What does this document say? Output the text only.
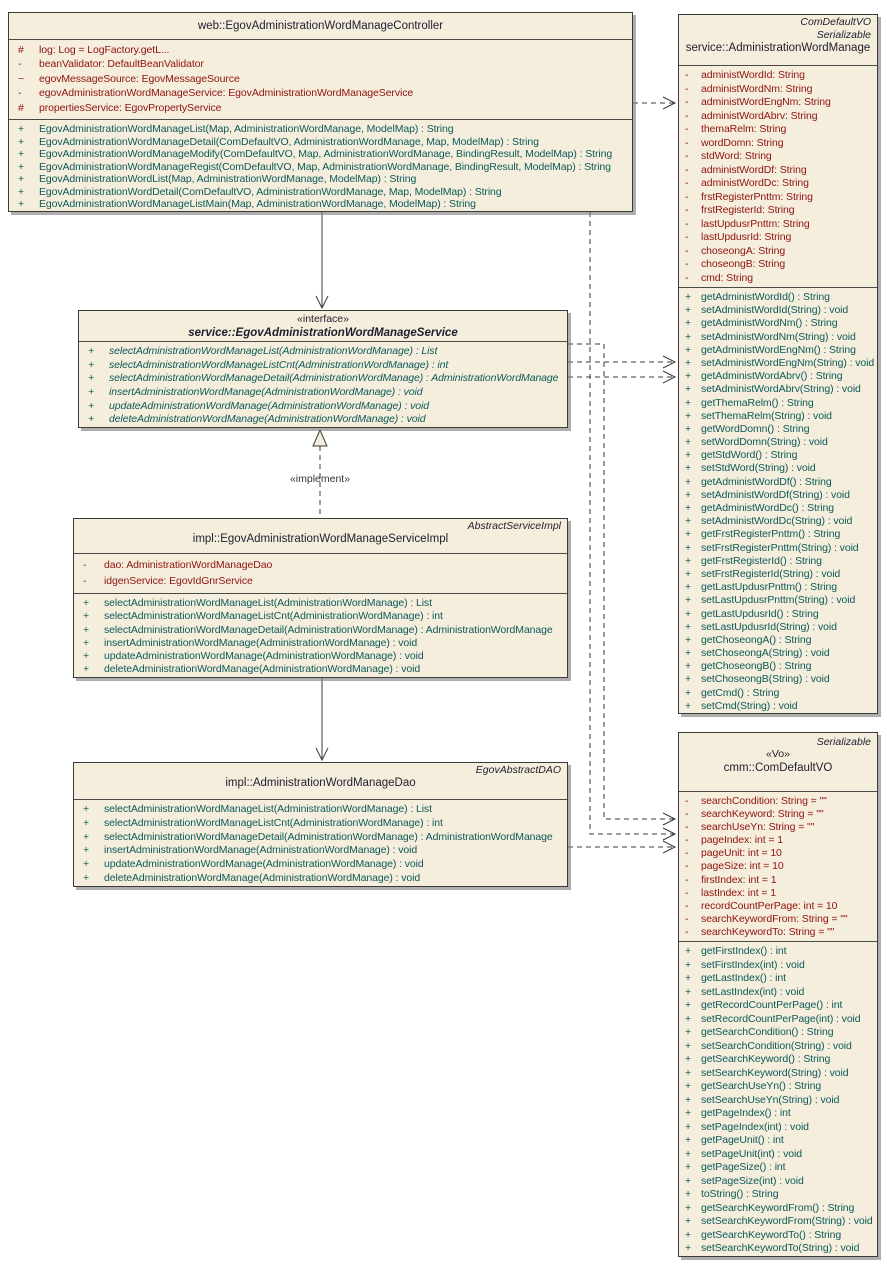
«implement»
web::EgovAdministrationWordManageController
# log: Log = LogFactory.getL...
- beanValidator: DefaultBeanValidator
~ egovMessageSource: EgovMessageSource
- egovAdministrationWordManageService: EgovAdministrationWordManageService
# propertiesService: EgovPropertyService
+ EgovAdministrationWordManageList(Map, AdministrationWordManage, ModelMap) : String
+ EgovAdministrationWordManageDetail(ComDefaultVO, AdministrationWordManage, Map, ModelMap) : String
+ EgovAdministrationWordManageModify(ComDefaultVO, Map, AdministrationWordManage, BindingResult, ModelMap) : String
+ EgovAdministrationWordManageRegist(ComDefaultVO, Map, AdministrationWordManage, BindingResult, ModelMap) : String
+ EgovAdministrationWordList(Map, AdministrationWordManage, ModelMap) : String
+ EgovAdministrationWordDetail(ComDefaultVO, AdministrationWordManage, Map, ModelMap) : String
+ EgovAdministrationWordManageListMain(Map, AdministrationWordManage, ModelMap) : String
«interface»
service::EgovAdministrationWordManageService
+ selectAdministrationWordManageList(AdministrationWordManage) : List
+ selectAdministrationWordManageListCnt(AdministrationWordManage) : int
+ selectAdministrationWordManageDetail(AdministrationWordManage) : AdministrationWordManage
+ insertAdministrationWordManage(AdministrationWordManage) : void
+ updateAdministrationWordManage(AdministrationWordManage) : void
+ deleteAdministrationWordManage(AdministrationWordManage) : void
AbstractServiceImpl
impl::EgovAdministrationWordManageServiceImpl
- dao: AdministrationWordManageDao
- idgenService: EgovIdGnrService
+ selectAdministrationWordManageList(AdministrationWordManage) : List
+ selectAdministrationWordManageListCnt(AdministrationWordManage) : int
+ selectAdministrationWordManageDetail(AdministrationWordManage) : AdministrationWordManage
+ insertAdministrationWordManage(AdministrationWordManage) : void
+ updateAdministrationWordManage(AdministrationWordManage) : void
+ deleteAdministrationWordManage(AdministrationWordManage) : void
EgovAbstractDAO
impl::AdministrationWordManageDao
+ selectAdministrationWordManageList(AdministrationWordManage) : List
+ selectAdministrationWordManageListCnt(AdministrationWordManage) : int
+ selectAdministrationWordManageDetail(AdministrationWordManage) : AdministrationWordManage
+ insertAdministrationWordManage(AdministrationWordManage) : void
+ updateAdministrationWordManage(AdministrationWordManage) : void
+ deleteAdministrationWordManage(AdministrationWordManage) : void
ComDefaultVO
Serializable
service::AdministrationWordManage
- administWordId: String
- administWordNm: String
- administWordEngNm: String
- administWordAbrv: String
- themaRelm: String
- wordDomn: String
- stdWord: String
- administWordDf: String
- administWordDc: String
- frstRegisterPnttm: String
- frstRegisterId: String
- lastUpdusrPnttm: String
- lastUpdusrId: String
- choseongA: String
- choseongB: String
- cmd: String
+ getAdministWordId() : String
+ setAdministWordId(String) : void
+ getAdministWordNm() : String
+ setAdministWordNm(String) : void
+ getAdministWordEngNm() : String
+ setAdministWordEngNm(String) : void
+ getAdministWordAbrv() : String
+ setAdministWordAbrv(String) : void
+ getThemaRelm() : String
+ setThemaRelm(String) : void
+ getWordDomn() : String
+ setWordDomn(String) : void
+ getStdWord() : String
+ setStdWord(String) : void
+ getAdministWordDf() : String
+ setAdministWordDf(String) : void
+ getAdministWordDc() : String
+ setAdministWordDc(String) : void
+ getFrstRegisterPnttm() : String
+ setFrstRegisterPnttm(String) : void
+ getFrstRegisterId() : String
+ setFrstRegisterId(String) : void
+ getLastUpdusrPnttm() : String
+ setLastUpdusrPnttm(String) : void
+ getLastUpdusrId() : String
+ setLastUpdusrId(String) : void
+ getChoseongA() : String
+ setChoseongA(String) : void
+ getChoseongB() : String
+ setChoseongB(String) : void
+ getCmd() : String
+ setCmd(String) : void
Serializable
«Vo»
cmm::ComDefaultVO
- searchCondition: String = ""
- searchKeyword: String = ""
- searchUseYn: String = ""
- pageIndex: int = 1
- pageUnit: int = 10
- pageSize: int = 10
- firstIndex: int = 1
- lastIndex: int = 1
- recordCountPerPage: int = 10
- searchKeywordFrom: String = ""
- searchKeywordTo: String = ""
+ getFirstIndex() : int
+ setFirstIndex(int) : void
+ getLastIndex() : int
+ setLastIndex(int) : void
+ getRecordCountPerPage() : int
+ setRecordCountPerPage(int) : void
+ getSearchCondition() : String
+ setSearchCondition(String) : void
+ getSearchKeyword() : String
+ setSearchKeyword(String) : void
+ getSearchUseYn() : String
+ setSearchUseYn(String) : void
+ getPageIndex() : int
+ setPageIndex(int) : void
+ getPageUnit() : int
+ setPageUnit(int) : void
+ getPageSize() : int
+ setPageSize(int) : void
+ toString() : String
+ getSearchKeywordFrom() : String
+ setSearchKeywordFrom(String) : void
+ getSearchKeywordTo() : String
+ setSearchKeywordTo(String) : void
